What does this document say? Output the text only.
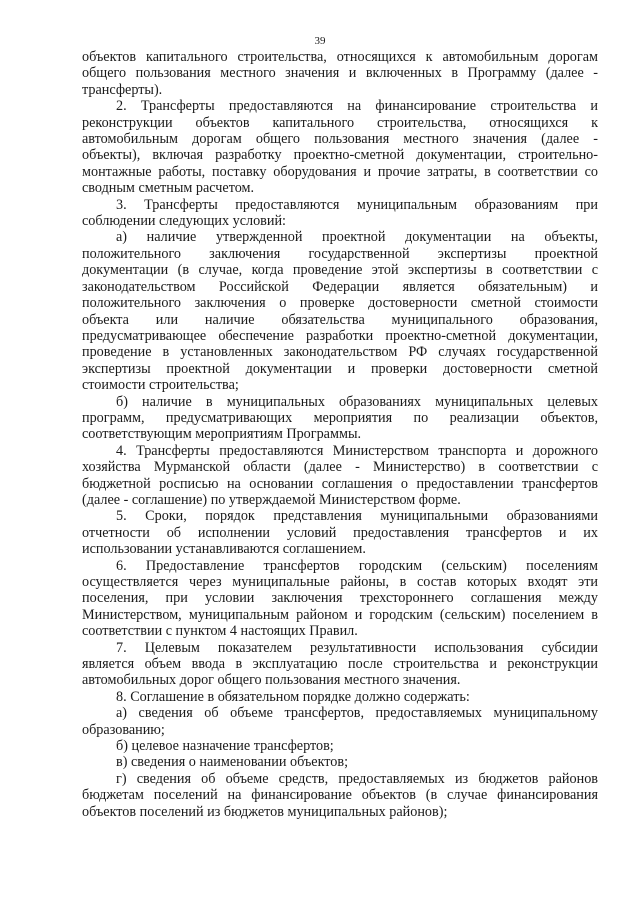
39

объектов капитального строительства, относящихся к автомобильным дорогам
общего пользования местного значения и включенных в Программу (далее -
трансферты).

2. Трансферты предоставляются на финансирование строительства и
реконструкции объектов капитального строительства, относящихся к
автомобильным дорогам общего пользования местного значения (далее -
объекты), включая разработку проектно-сметной документации, строительно-
монтажные работы, поставку оборудования и прочие затраты, в соответствии со
сводным сметным расчетом.

3. Трансферты предоставляются муниципальным образованиям при
соблюдении следующих условий:

а) наличие утвержденной проектной документации на объекты,
положительного заключения государственной экспертизы проектной
документации (в случае, когда проведение этой экспертизы в соответствии с
законодательством Российской Федерации является обязательным) и
положительного заключения о проверке достоверности сметной стоимости
объекта или наличие обязательства муниципального образования,
предусматривающее обеспечение разработки проектно-сметной документации,
проведение в установленных законодательством РФ случаях государственной
экспертизы проектной документации и проверки достоверности сметной
стоимости строительства;

б) наличие в муниципальных образованиях муниципальных целевых
программ, предусматривающих мероприятия по реализации объектов,
соответствующим мероприятиям Программы.

4. Трансферты предоставляются Министерством транспорта и дорожного
хозяйства Мурманской области (далее - Министерство) в соответствии с
бюджетной росписью на основании соглашения о предоставлении трансфертов
(далее - соглашение) по утверждаемой Министерством форме.

5. Сроки, порядок представления муниципальными образованиями
отчетности об исполнении условий предоставления трансфертов и их
использовании устанавливаются соглашением.

6. Предоставление трансфертов городским (сельским) поселениям
осуществляется через муниципальные районы, в состав которых входят эти
поселения, при условии заключения трехстороннего соглашения между
Министерством, муниципальным районом и городским (сельским) поселением в
соответствии с пунктом 4 настоящих Правил.

7. Целевым показателем результативности использования субсидии
является объем ввода в эксплуатацию после строительства и реконструкции
автомобильных дорог общего пользования местного значения.

8. Соглашение в обязательном порядке должно содержать:

а) сведения об объеме трансфертов, предоставляемых муниципальному
образованию;

б) целевое назначение трансфертов;

в) сведения о наименовании объектов;

г) сведения об объеме средств, предоставляемых из бюджетов районов
бюджетам поселений на финансирование объектов (в случае финансирования
объектов поселений из бюджетов муниципальных районов);
